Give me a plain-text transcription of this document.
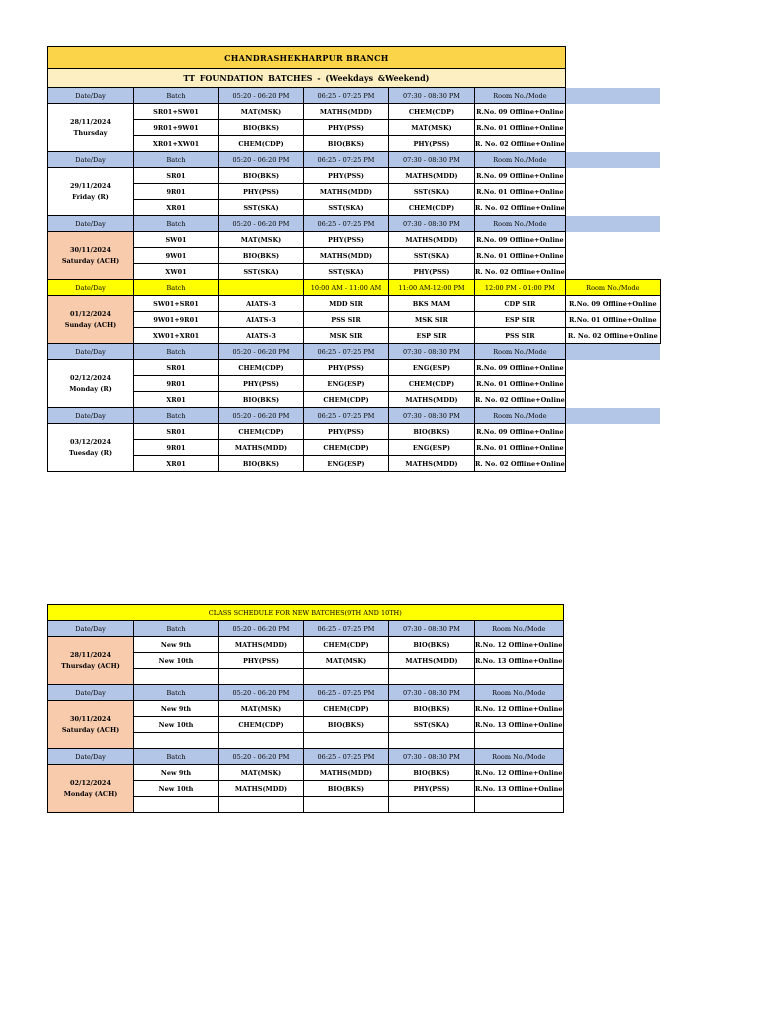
CHANDRASHEKHARPUR BRANCH						
TT FOUNDATION BATCHES - (Weekdays &Weekend)						
Date/Day	Batch	05:20 - 06:20 PM	06:25 - 07:25 PM	07:30 - 08:30 PM	Room No./Mode	

28/11/2024
Thursday	SR01+SW01	MAT(MSK)	MATHS(MDD)	CHEM(CDP)	R.No. 09 Offline+Online	
	9R01+9W01	BIO(BKS)	PHY(PSS)	MAT(MSK)	R.No. 01 Offline+Online	
	XR01+XW01	CHEM(CDP)	BIO(BKS)	PHY(PSS)	R. No. 02 Offline+Online	
Date/Day	Batch	05:20 - 06:20 PM	06:25 - 07:25 PM	07:30 - 08:30 PM	Room No./Mode	

29/11/2024
Friday (R)	SR01	BIO(BKS)	PHY(PSS)	MATHS(MDD)	R.No. 09 Offline+Online	
	9R01	PHY(PSS)	MATHS(MDD)	SST(SKA)	R.No. 01 Offline+Online	
	XR01	SST(SKA)	SST(SKA)	CHEM(CDP)	R. No. 02 Offline+Online	
Date/Day	Batch	05:20 - 06:20 PM	06:25 - 07:25 PM	07:30 - 08:30 PM	Room No./Mode	

30/11/2024
Saturday (ACH)	SW01	MAT(MSK)	PHY(PSS)	MATHS(MDD)	R.No. 09 Offline+Online	
	9W01	BIO(BKS)	MATHS(MDD)	SST(SKA)	R.No. 01 Offline+Online	
	XW01	SST(SKA)	SST(SKA)	PHY(PSS)	R. No. 02 Offline+Online	
Date/Day	Batch		10:00 AM - 11:00 AM	11:00 AM-12:00 PM	12:00 PM - 01:00 PM	Room No./Mode

01/12/2024
Sunday (ACH)	SW01+SR01	AIATS-3	MDD SIR	BKS MAM	CDP SIR	R.No. 09 Offline+Online
	9W01+9R01	AIATS-3	PSS SIR	MSK SIR	ESP SIR	R.No. 01 Offline+Online
	XW01+XR01	AIATS-3	MSK SIR	ESP SIR	PSS SIR	R. No. 02 Offline+Online
Date/Day	Batch	05:20 - 06:20 PM	06:25 - 07:25 PM	07:30 - 08:30 PM	Room No./Mode	

02/12/2024
Monday (R)	SR01	CHEM(CDP)	PHY(PSS)	ENG(ESP)	R.No. 09 Offline+Online	
	9R01	PHY(PSS)	ENG(ESP)	CHEM(CDP)	R.No. 01 Offline+Online	
	XR01	BIO(BKS)	CHEM(CDP)	MATHS(MDD)	R. No. 02 Offline+Online	
Date/Day	Batch	05:20 - 06:20 PM	06:25 - 07:25 PM	07:30 - 08:30 PM	Room No./Mode	

03/12/2024
Tuesday (R)	SR01	CHEM(CDP)	PHY(PSS)	BIO(BKS)	R.No. 09 Offline+Online	
	9R01	MATHS(MDD)	CHEM(CDP)	ENG(ESP)	R.No. 01 Offline+Online	
	XR01	BIO(BKS)	ENG(ESP)	MATHS(MDD)	R. No. 02 Offline+Online	
CLASS SCHEDULE FOR NEW BATCHES(9TH AND 10TH)					
Date/Day	Batch	05:20 - 06:20 PM	06:25 - 07:25 PM	07:30 - 08:30 PM	Room No./Mode

28/11/2024
Thursday (ACH)	New 9th	MATHS(MDD)	CHEM(CDP)	BIO(BKS)	R.No. 12 Offline+Online
	New 10th	PHY(PSS)	MAT(MSK)	MATHS(MDD)	R.No. 13 Offline+Online

Date/Day	Batch	05:20 - 06:20 PM	06:25 - 07:25 PM	07:30 - 08:30 PM	Room No./Mode

30/11/2024
Saturday (ACH)	New 9th	MAT(MSK)	CHEM(CDP)	BIO(BKS)	R.No. 12 Offline+Online
	New 10th	CHEM(CDP)	BIO(BKS)	SST(SKA)	R.No. 13 Offline+Online

Date/Day	Batch	05:20 - 06:20 PM	06:25 - 07:25 PM	07:30 - 08:30 PM	Room No./Mode

02/12/2024
Monday (ACH)	New 9th	MAT(MSK)	MATHS(MDD)	BIO(BKS)	R.No. 12 Offline+Online
	New 10th	MATHS(MDD)	BIO(BKS)	PHY(PSS)	R.No. 13 Offline+Online
